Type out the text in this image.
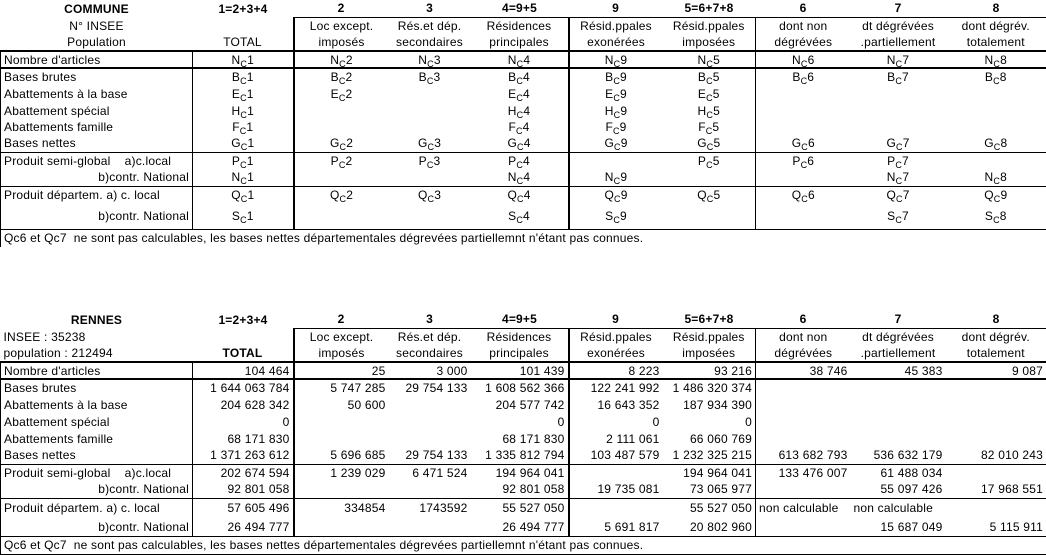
COMMUNE	1=2+3+4	2	3	4=9+5	9	5=6+7+8	6	7	8
N° INSEE		Loc except.	Rés.et dép.	Résidences	Résid.ppales	Résid.ppales	dont non	dt dégrévées	dont dégrév.
Population	TOTAL	imposés	secondaires	principales	exonérées	imposées	dégrévées	.partiellement	totalement
Nombre d'articles	$N_C1$	$N_C2$	$N_C3$	$N_C4$	$N_C9$	$N_C5$	$N_C6$	$N_C7$	$N_C8$
Bases brutes	$B_C1$	$B_C2$	$B_C3$	$B_C4$	$B_C9$	$B_C5$	$B_C6$	$B_C7$	$B_C8$
Abattements à la base	$E_C1$	$E_C2$		$E_C4$	$E_C9$	$E_C5$			
Abattement spécial	$H_C1$			$H_C4$	$H_C9$	$H_C5$			
Abattements famille	$F_C1$			$F_C4$	$F_C9$	$F_C5$			
Bases nettes	$G_C1$	$G_C2$	$G_C3$	$G_C4$	$G_C9$	$G_C5$	$G_C6$	$G_C7$	$G_C8$
Produit semi-global    a)c.local	$P_C1$	$P_C2$	$P_C3$	$P_C4$		$P_C5$	$P_C6$	$P_C7$	
b)contr. National	$N_C1$			$N_C4$	$N_C9$			$N_C7$	$N_C8$
Produit départem. a) c. local	$Q_C1$	$Q_C2$	$Q_C3$	$Q_C4$	$Q_C9$	$Q_C5$	$Q_C6$	$Q_C7$	$Q_C9$
b)contr. National	$S_C1$			$S_C4$	$S_C9$			$S_C7$	$S_C8$
Qc6 et Qc7  ne sont pas calculables, les bases nettes départementales dégrevées partiellemnt n'étant pas connues.									
RENNES	1=2+3+4	2	3	4=9+5	9	5=6+7+8	6	7	8
INSEE : 35238		Loc except.	Rés.et dép.	Résidences	Résid.ppales	Résid.ppales	dont non	dt dégrévées	dont dégrév.
population : 212494	TOTAL	imposés	secondaires	principales	exonérées	imposées	dégrévées	.partiellement	totalement
Nombre d'articles	104 464	25	3 000	101 439	8 223	93 216	38 746	45 383	9 087
Bases brutes	1 644 063 784	5 747 285	29 754 133	1 608 562 366	122 241 992	1 486 320 374			
Abattements à la base	204 628 342	50 600		204 577 742	16 643 352	187 934 390			
Abattement spécial	0			0	0	0			
Abattements famille	68 171 830			68 171 830	2 111 061	66 060 769			
Bases nettes	1 371 263 612	5 696 685	29 754 133	1 335 812 794	103 487 579	1 232 325 215	613 682 793	536 632 179	82 010 243
Produit semi-global    a)c.local	202 674 594	1 239 029	6 471 524	194 964 041		194 964 041	133 476 007	61 488 034	
b)contr. National	92 801 058			92 801 058	19 735 081	73 065 977		55 097 426	17 968 551
Produit départem. a) c. local	57 605 496	334854	1743592	55 527 050		55 527 050	non calculable	non calculable	
b)contr. National	26 494 777			26 494 777	5 691 817	20 802 960		15 687 049	5 115 911
Qc6 et Qc7  ne sont pas calculables, les bases nettes départementales dégrevées partiellemnt n'étant pas connues.									
